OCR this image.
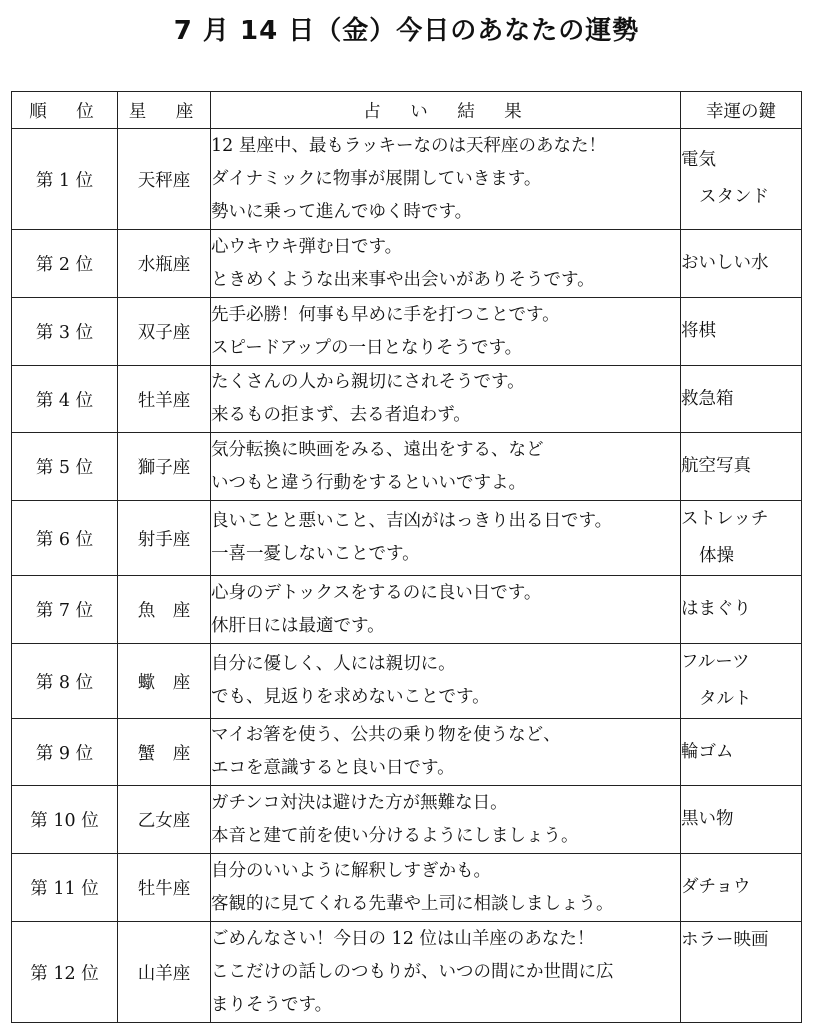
7 月 14 日（金）今日のあなたの運勢
順　位	星　座	占　い　結　果	幸運の鍵
第 1 位	天秤座	12 星座中、最もラッキーなのは天秤座のあなた！
ダイナミックに物事が展開していきます。
勢いに乗って進んでゆく時です。	電気
スタンド

第 2 位	水瓶座	心ウキウキ弾む日です。
ときめくような出来事や出会いがありそうです。	おいしい水

第 3 位	双子座	先手必勝！何事も早めに手を打つことです。
スピードアップの一日となりそうです。	将棋

第 4 位	牡羊座	たくさんの人から親切にされそうです。
来るもの拒まず、去る者追わず。	救急箱

第 5 位	獅子座	気分転換に映画をみる、遠出をする、など
いつもと違う行動をするといいですよ。	航空写真

第 6 位	射手座	良いことと悪いこと、吉凶がはっきり出る日です。
一喜一憂しないことです。	ストレッチ
体操

第 7 位	魚　座	心身のデトックスをするのに良い日です。
休肝日には最適です。	はまぐり

第 8 位	蠍　座	自分に優しく、人には親切に。
でも、見返りを求めないことです。	フルーツ
タルト

第 9 位	蟹　座	マイお箸を使う、公共の乗り物を使うなど、
エコを意識すると良い日です。	輪ゴム

第 10 位	乙女座	ガチンコ対決は避けた方が無難な日。
本音と建て前を使い分けるようにしましょう。	黒い物

第 11 位	牡牛座	自分のいいように解釈しすぎかも。
客観的に見てくれる先輩や上司に相談しましょう。	ダチョウ

第 12 位	山羊座	ごめんなさい！今日の 12 位は山羊座のあなた！
ここだけの話しのつもりが、いつの間にか世間に広
まりそうです。	ホラー映画
